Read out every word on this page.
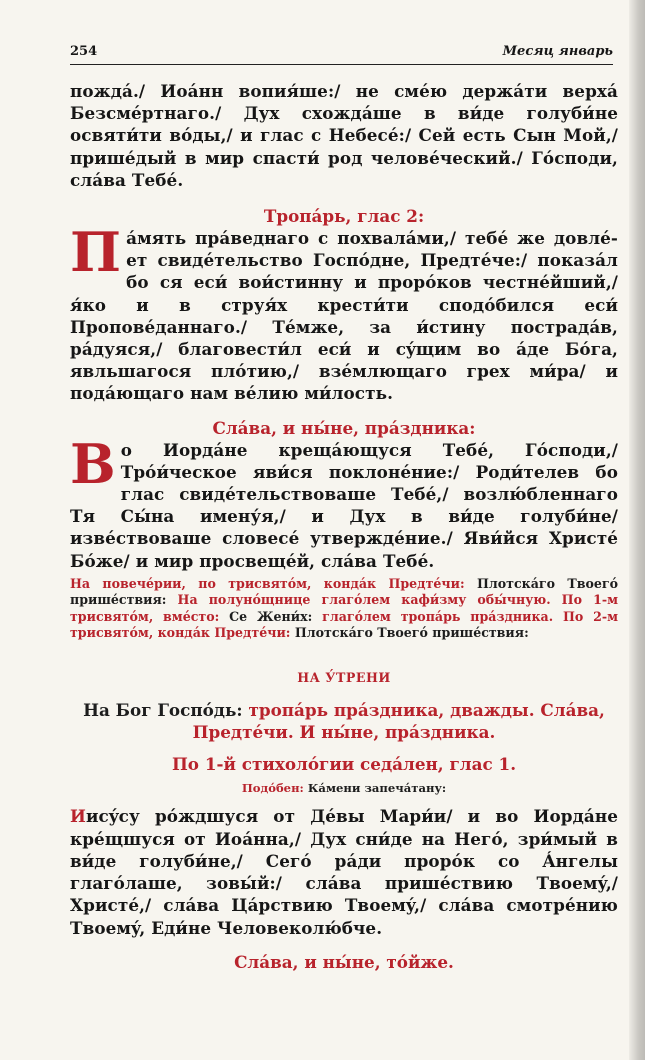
254	Месяц январь

пождá./ Иоáнн вопия́ше:/ не смéю держáти верхá Безсмéртнаго./ Дух схождáше в ви́де голуби́не освяти́ти вóды,/ и глас с Небесé:/ Сей есть Сын Мой,/ прише́дый в мир спасти́ род человéческий./ Гóсподи, слáва Тебé.

Тропáрь, глас 2:

Пáмять прáведнаго с похвалáми,/ тебé же довлé-ет свидéтельство Госпóдне, Предтéче:/ показáл бо ся еси́ вои́стинну и прорóков честне́йший,/ я́ко и в струя́х крести́ти сподóбился еси́ Проповéданнаго./ Тéмже, за и́стину пострадáв, рáдуяся,/ благовести́л еси́ и сýщим во áде Бóга, явльшагося плóтию,/ взéмлющаго грех ми́ра/ и подáющаго нам вéлию ми́лость.

Слáва, и ны́не, прáздника:

Во Иордáне крещáющуся Тебé, Гóсподи,/ Трóи́ческое яви́ся поклонéние:/ Роди́телев бо глас свидéтельствоваше Тебé,/ возлю́бленнаго Тя Сы́на имену́я,/ и Дух в ви́де голуби́не/ извéствоваше словесé утверждéние./ Яви́йся Христé Бóже/ и мир просвещéй, слáва Тебé.

На повечéрии, по трисвятóм, кондáк Предтéчи: Плотскáго Твоегó прише́ствия: На полунóщнице глагóлем кафи́зму обы́чную. По 1-м трисвятóм, вмéсто: Се Жени́х: глагóлем тропáрь прáздника. По 2-м трисвятóм, кондáк Предтéчи: Плотскáго Твоегó прише́ствия:

НА У́ТРЕНИ

На Бог Госпóдь: тропáрь прáздника, дважды. Слáва, Предтéчи. И ны́не, прáздника.

По 1-й стихолóгии седáлен, глас 1.

Подóбен: Кáмени запечáтану:

Иисýсу рóждшуся от Дéвы Мари́и/ и во Иордáне крéщшуся от Иоáнна,/ Дух сни́де на Негó, зри́мый в ви́де голуби́не,/ Сегó рáди прорóк со Áнгелы глагóлаше, зовы́й:/ слáва прише́ствию Твоемý,/ Христé,/ слáва Цáрствию Твоемý,/ слáва смотрéнию Твоемý, Еди́не Человеколю́бче.

Слáва, и ны́не, тóйже.
